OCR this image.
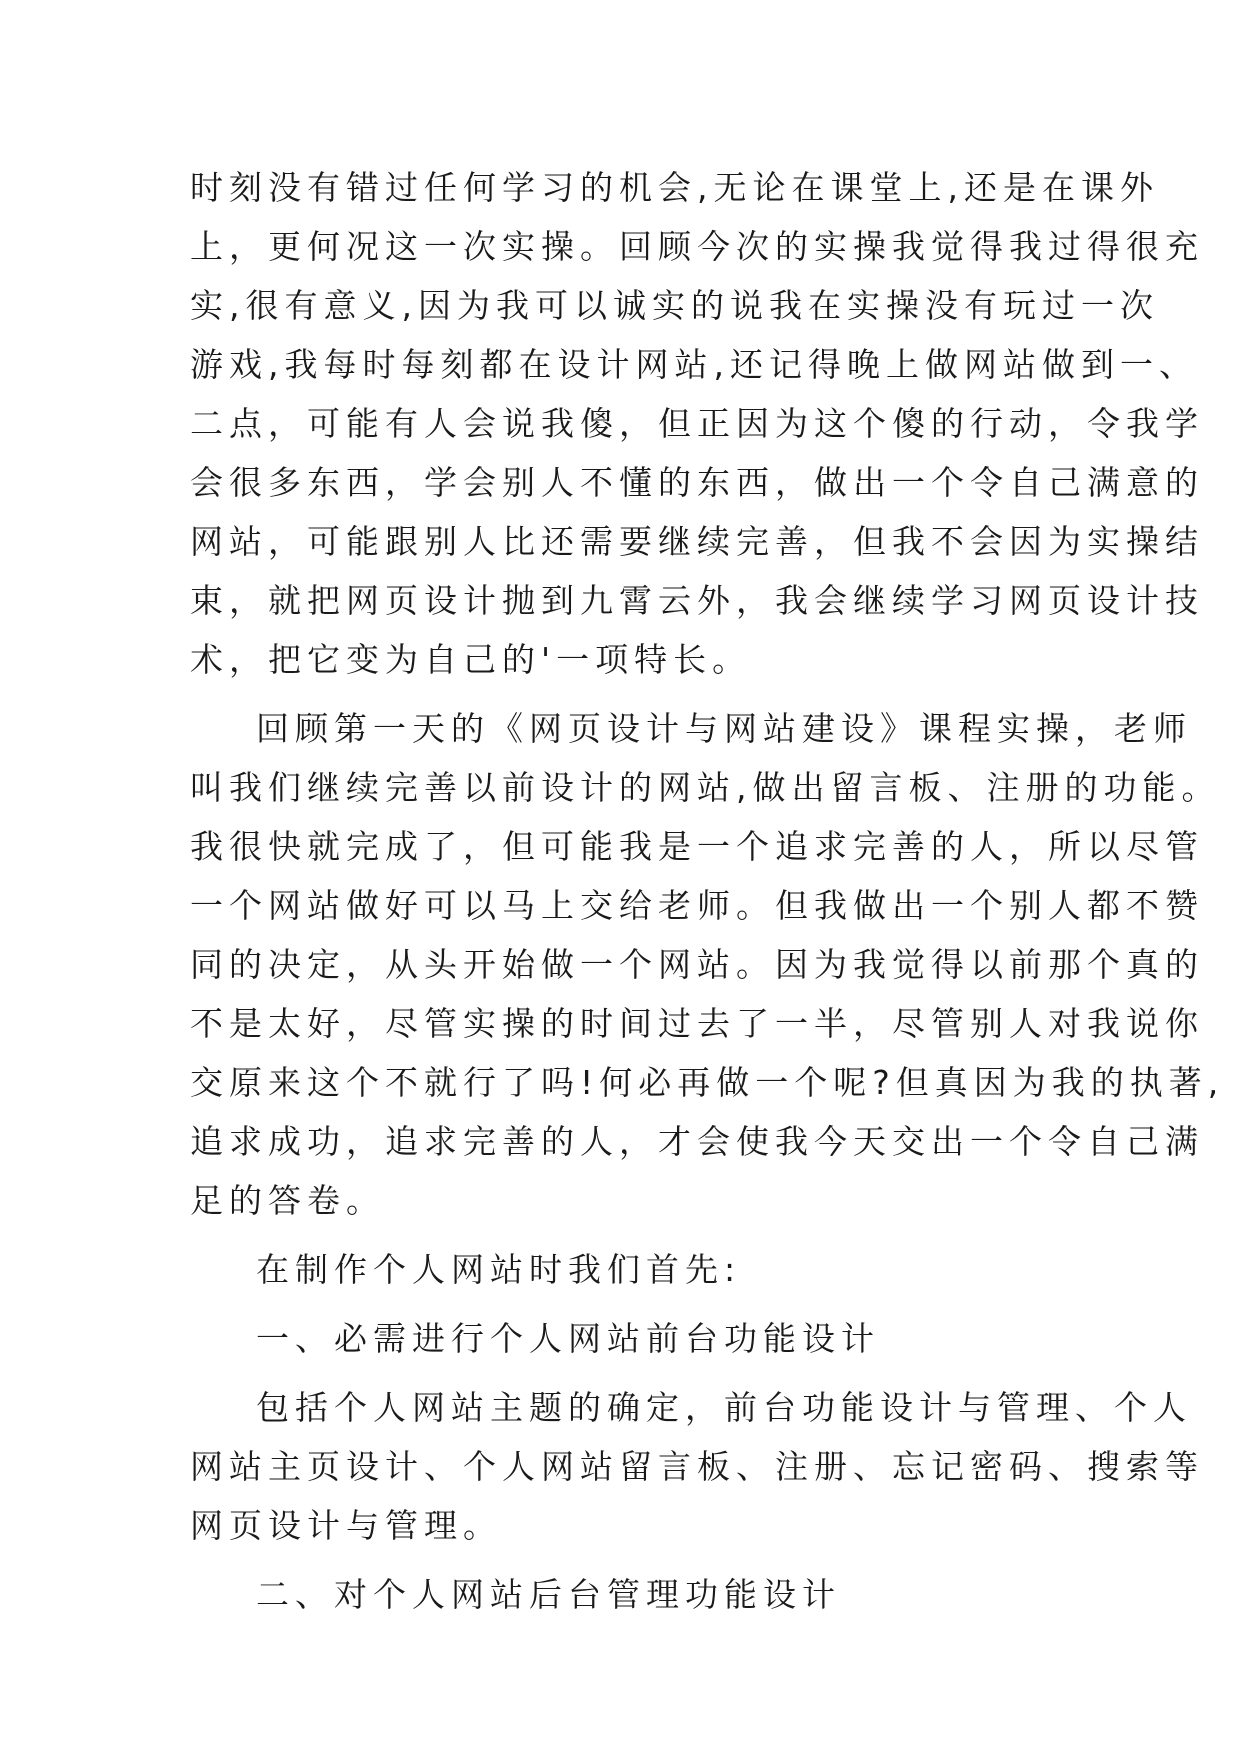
时刻没有错过任何学习的机会,无论在课堂上,还是在课外
上，更何况这一次实操。回顾今次的实操我觉得我过得很充
实,很有意义,因为我可以诚实的说我在实操没有玩过一次
游戏,我每时每刻都在设计网站,还记得晚上做网站做到一、
二点，可能有人会说我傻，但正因为这个傻的行动，令我学
会很多东西，学会别人不懂的东西，做出一个令自己满意的
网站，可能跟别人比还需要继续完善，但我不会因为实操结
束，就把网页设计抛到九霄云外，我会继续学习网页设计技
术，把它变为自己的'一项特长。

回顾第一天的《网页设计与网站建设》课程实操，老师
叫我们继续完善以前设计的网站,做出留言板、注册的功能。
我很快就完成了，但可能我是一个追求完善的人，所以尽管
一个网站做好可以马上交给老师。但我做出一个别人都不赞
同的决定，从头开始做一个网站。因为我觉得以前那个真的
不是太好，尽管实操的时间过去了一半，尽管别人对我说你
交原来这个不就行了吗!何必再做一个呢?但真因为我的执著,
追求成功，追求完善的人，才会使我今天交出一个令自己满
足的答卷。

在制作个人网站时我们首先:

一、必需进行个人网站前台功能设计

包括个人网站主题的确定，前台功能设计与管理、个人
网站主页设计、个人网站留言板、注册、忘记密码、搜索等
网页设计与管理。

二、对个人网站后台管理功能设计
